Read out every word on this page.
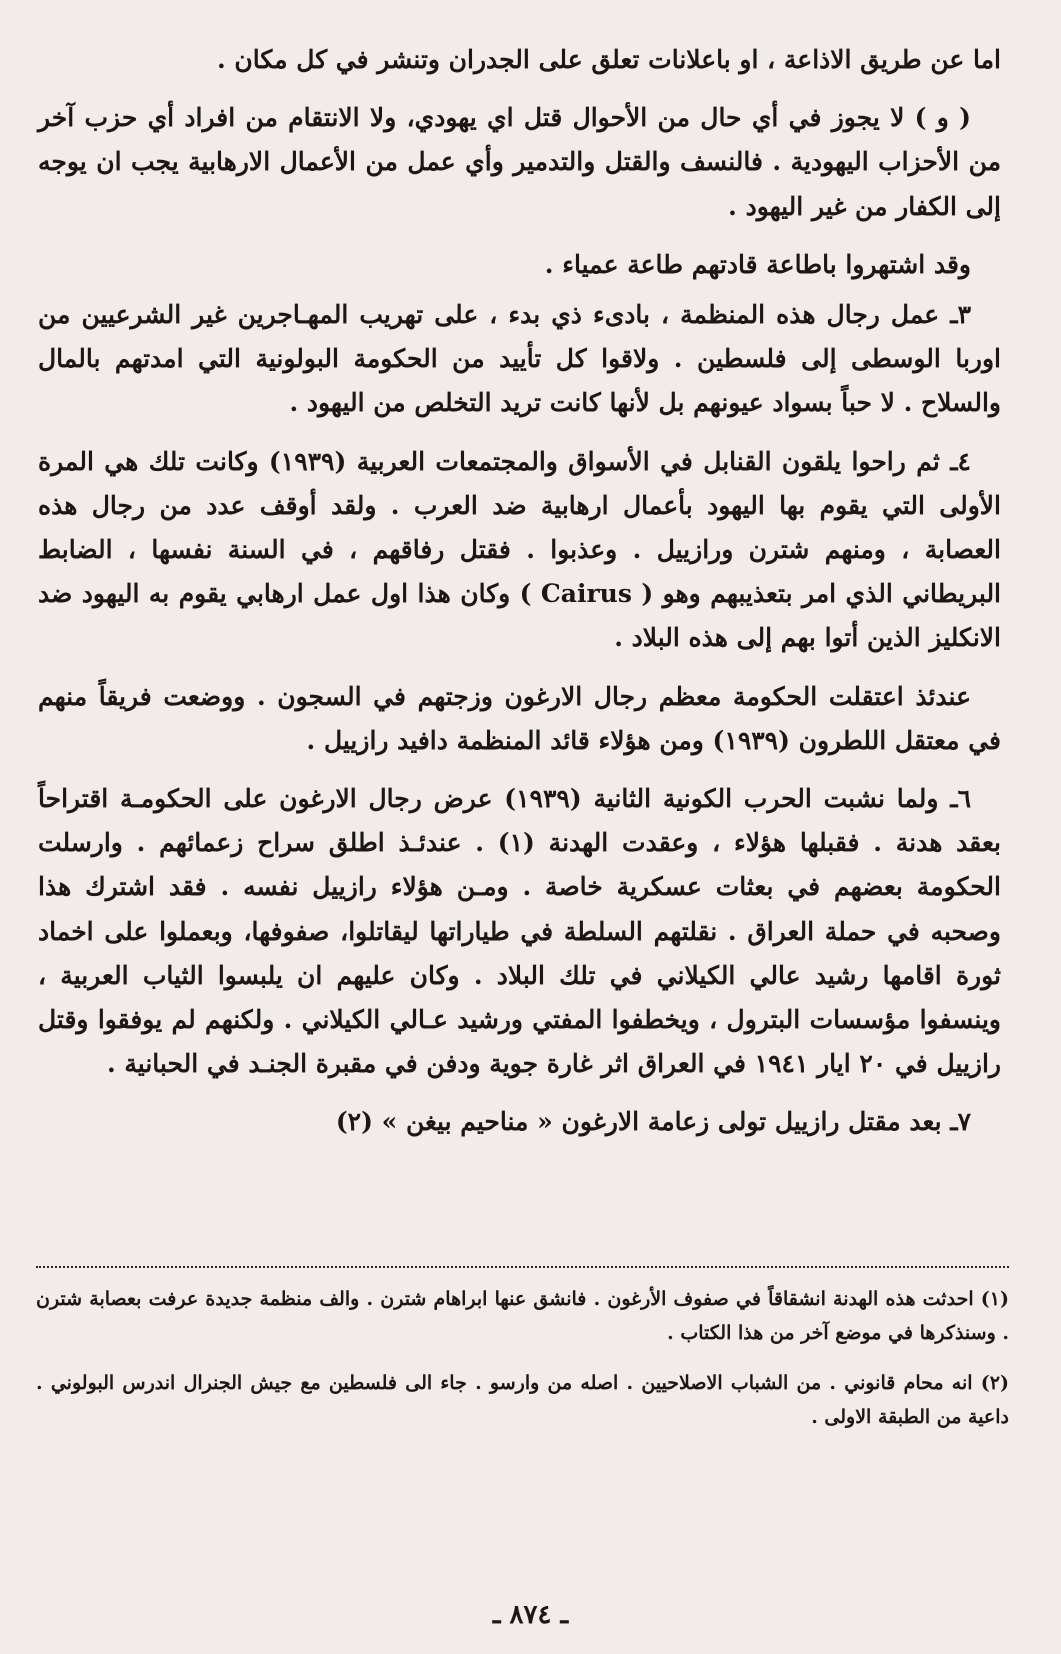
اما عن طريق الاذاعة ، او باعلانات تعلق على الجدران وتنشر في كل مكان .

( و ) لا يجوز في أي حال من الأحوال قتل اي يهودي، ولا الانتقام من افراد أي حزب آخر من الأحزاب اليهودية . فالنسف والقتل والتدمير وأي عمل من الأعمال الارهابية يجب ان يوجه إلى الكفار من غير اليهود .

وقد اشتهروا باطاعة قادتهم طاعة عمياء .

٣ـ عمل رجال هذه المنظمة ، بادىء ذي بدء ، على تهريب المهـاجرين غير الشرعيين من اوربا الوسطى إلى فلسطين . ولاقوا كل تأييد من الحكومة البولونية التي امدتهم بالمال والسلاح . لا حباً بسواد عيونهم بل لأنها كانت تريد التخلص من اليهود .

٤ـ ثم راحوا يلقون القنابل في الأسواق والمجتمعات العربية (١٩٣٩) وكانت تلك هي المرة الأولى التي يقوم بها اليهود بأعمال ارهابية ضد العرب . ولقد أوقف عدد من رجال هذه العصابة ، ومنهم شترن ورازييل . وعذبوا . فقتل رفاقهم ، في السنة نفسها ، الضابط البريطاني الذي امر بتعذيبهم وهو ( Cairus ) وكان هذا اول عمل ارهابي يقوم به اليهود ضد الانكليز الذين أتوا بهم إلى هذه البلاد .

عندئذ اعتقلت الحكومة معظم رجال الارغون وزجتهم في السجون . ووضعت فريقاً منهم في معتقل اللطرون (١٩٣٩) ومن هؤلاء قائد المنظمة دافيد رازييل .

٦ـ ولما نشبت الحرب الكونية الثانية (١٩٣٩) عرض رجال الارغون على الحكومـة اقتراحاً بعقد هدنة . فقبلها هؤلاء ، وعقدت الهدنة (١) . عندئـذ اطلق سراح زعمائهم . وارسلت الحكومة بعضهم في بعثات عسكرية خاصة . ومـن هؤلاء رازييل نفسه . فقد اشترك هذا وصحبه في حملة العراق . نقلتهم السلطة في طياراتها ليقاتلوا، صفوفها، وبعملوا على اخماد ثورة اقامها رشيد عالي الكيلاني في تلك البلاد . وكان عليهم ان يلبسوا الثياب العربية ، وينسفوا مؤسسات البترول ، ويخطفوا المفتي ورشيد عـالي الكيلاني . ولكنهم لم يوفقوا وقتل رازييل في ٢٠ ايار ١٩٤١ في العراق اثر غارة جوية ودفن في مقبرة الجنـد في الحبانية .

٧ـ بعد مقتل رازييل تولى زعامة الارغون « مناحيم بيغن » (٢)

(١) احدثت هذه الهدنة انشقاقاً في صفوف الأرغون . فانشق عنها ابراهام شترن . والف منظمة جديدة عرفت بعصابة شترن . وسنذكرها في موضع آخر من هذا الكتاب .

(٢) انه محام قانوني . من الشباب الاصلاحيين . اصله من وارسو . جاء الى فلسطين مع جيش الجنرال اندرس البولوني . داعية من الطبقة الاولى .

ـ ٨٧٤ ـ
